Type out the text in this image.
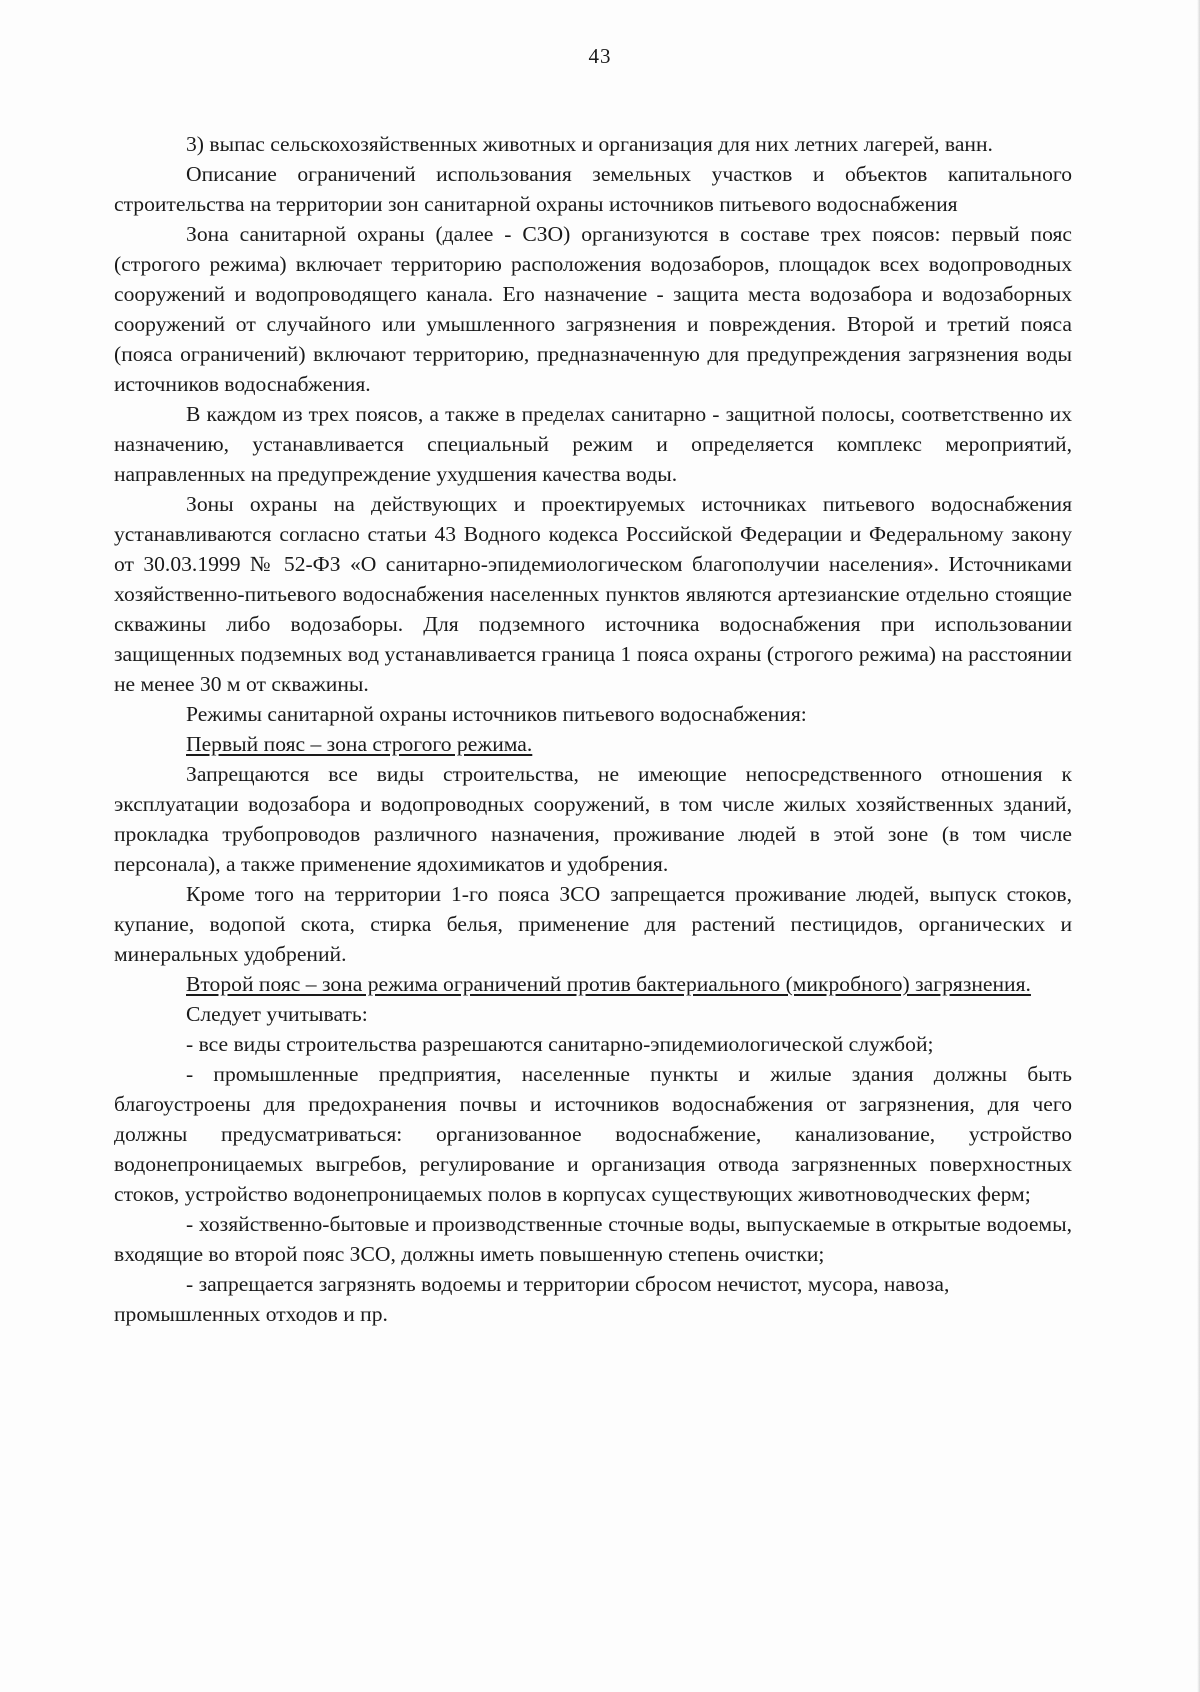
43

3) выпас сельскохозяйственных животных и организация для них летних лагерей, ванн.

Описание ограничений использования земельных участков и объектов капитального строительства на территории зон санитарной охраны источников питьевого водоснабжения

Зона санитарной охраны (далее - СЗО) организуются в составе трех поясов: первый пояс (строгого режима) включает территорию расположения водозаборов, площадок всех водопроводных сооружений и водопроводящего канала. Его назначение - защита места водозабора и водозаборных сооружений от случайного или умышленного загрязнения и повреждения. Второй и третий пояса (пояса ограничений) включают территорию, предназначенную для предупреждения загрязнения воды источников водоснабжения.

В каждом из трех поясов, а также в пределах санитарно - защитной полосы, соответственно их назначению, устанавливается специальный режим и определяется комплекс мероприятий, направленных на предупреждение ухудшения качества воды.

Зоны охраны на действующих и проектируемых источниках питьевого водоснабжения устанавливаются согласно статьи 43 Водного кодекса Российской Федерации и Федеральному закону от 30.03.1999 № 52-ФЗ «О санитарно-эпидемиологическом благополучии населения». Источниками хозяйственно-питьевого водоснабжения населенных пунктов являются артезианские отдельно стоящие скважины либо водозаборы. Для подземного источника водоснабжения при использовании защищенных подземных вод устанавливается граница 1 пояса охраны (строгого режима) на расстоянии не менее 30 м от скважины.

Режимы санитарной охраны источников питьевого водоснабжения:

Первый пояс – зона строгого режима.

Запрещаются все виды строительства, не имеющие непосредственного отношения к эксплуатации водозабора и водопроводных сооружений, в том числе жилых хозяйственных зданий, прокладка трубопроводов различного назначения, проживание людей в этой зоне (в том числе персонала), а также применение ядохимикатов и удобрения.

Кроме того на территории 1-го пояса ЗСО запрещается проживание людей, выпуск стоков, купание, водопой скота, стирка белья, применение для растений пестицидов, органических и минеральных удобрений.

Второй пояс – зона режима ограничений против бактериального (микробного) загрязнения.

Следует учитывать:

- все виды строительства разрешаются санитарно-эпидемиологической службой;

- промышленные предприятия, населенные пункты и жилые здания должны быть благоустроены для предохранения почвы и источников водоснабжения от загрязнения, для чего должны предусматриваться: организованное водоснабжение, канализование, устройство водонепроницаемых выгребов, регулирование и организация отвода загрязненных поверхностных стоков, устройство водонепроницаемых полов в корпусах существующих животноводческих ферм;

- хозяйственно-бытовые и производственные сточные воды, выпускаемые в открытые водоемы, входящие во второй пояс ЗСО, должны иметь повышенную степень очистки;

- запрещается загрязнять водоемы и территории сбросом нечистот, мусора, навоза, промышленных отходов и пр.
